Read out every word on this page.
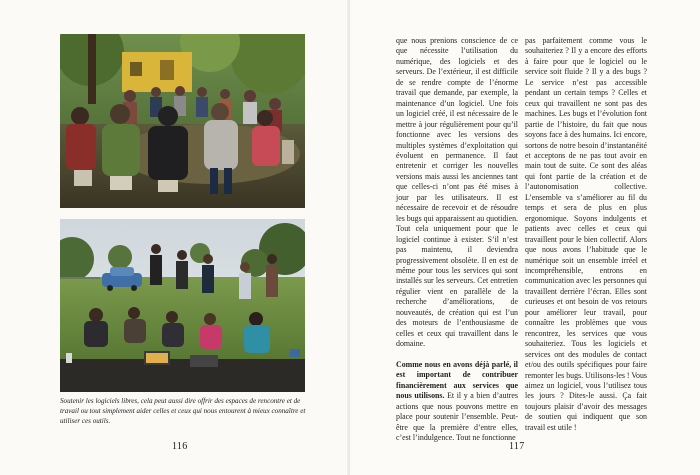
Soutenir les logiciels libres, cela peut aussi dire offrir des espaces de rencontre et de travail ou tout simplement aider celles et ceux qui nous entourent à mieux connaître et utiliser ces outils.
116

que nous prenions conscience de ce que nécessite l’utilisation du numérique, des logiciels et des serveurs. De l’extérieur, il est difficile de se rendre compte de l’énorme travail que demande, par exemple, la maintenance d’un logiciel. Une fois un logiciel créé, il est nécessaire de le mettre à jour régulièrement pour qu’il fonctionne avec les versions des multiples systèmes d’exploitation qui évoluent en permanence. Il faut entretenir et corriger les nouvelles versions mais aussi les anciennes tant que celles-ci n’ont pas été mises à jour par les utilisateurs. Il est nécessaire de recevoir et de résoudre les bugs qui apparaissent au quotidien. Tout cela uniquement pour que le logiciel continue à exister. S’il n’est pas maintenu, il deviendra progressivement obsolète. Il en est de même pour tous les services qui sont installés sur les serveurs. Cet entretien régulier vient en parallèle de la recherche d’améliorations, de nouveautés, de création qui est l’un des moteurs de l’enthousiasme de celles et ceux qui travaillent dans le domaine.

Comme nous en avons déjà parlé, il est important de contribuer financièrement aux services que nous utilisons. Et il y a bien d’autres actions que nous pouvons mettre en place pour soutenir l’ensemble. Peut-être que la première d’entre elles, c’est l’indulgence. Tout ne fonctionne

pas parfaitement comme vous le souhaiteriez ? Il y a encore des efforts à faire pour que le logiciel ou le service soit fluide ? Il y a des bugs ? Le service n’est pas accessible pendant un certain temps ? Celles et ceux qui travaillent ne sont pas des machines. Les bugs et l’évolution font partie de l’histoire, du fait que nous soyons face à des humains. Ici encore, sortons de notre besoin d’instantanéité et acceptons de ne pas tout avoir en main tout de suite. Ce sont des aléas qui font partie de la création et de l’autonomisation collective. L’ensemble va s’améliorer au fil du temps et sera de plus en plus ergonomique. Soyons indulgents et patients avec celles et ceux qui travaillent pour le bien collectif. Alors que nous avons l’habitude que le numérique soit un ensemble irréel et incompréhensible, entrons en communication avec les personnes qui travaillent derrière l’écran. Elles sont curieuses et ont besoin de vos retours pour améliorer leur travail, pour connaître les problèmes que vous rencontrez, les services que vous souhaiteriez. Tous les logiciels et services ont des modules de contact et/ou des outils spécifiques pour faire remonter les bugs. Utilisons-les ! Vous aimez un logiciel, vous l’utilisez tous les jours ? Dites-le aussi. Ça fait toujours plaisir d’avoir des messages de soutien qui indiquent que son travail est utile !

117
